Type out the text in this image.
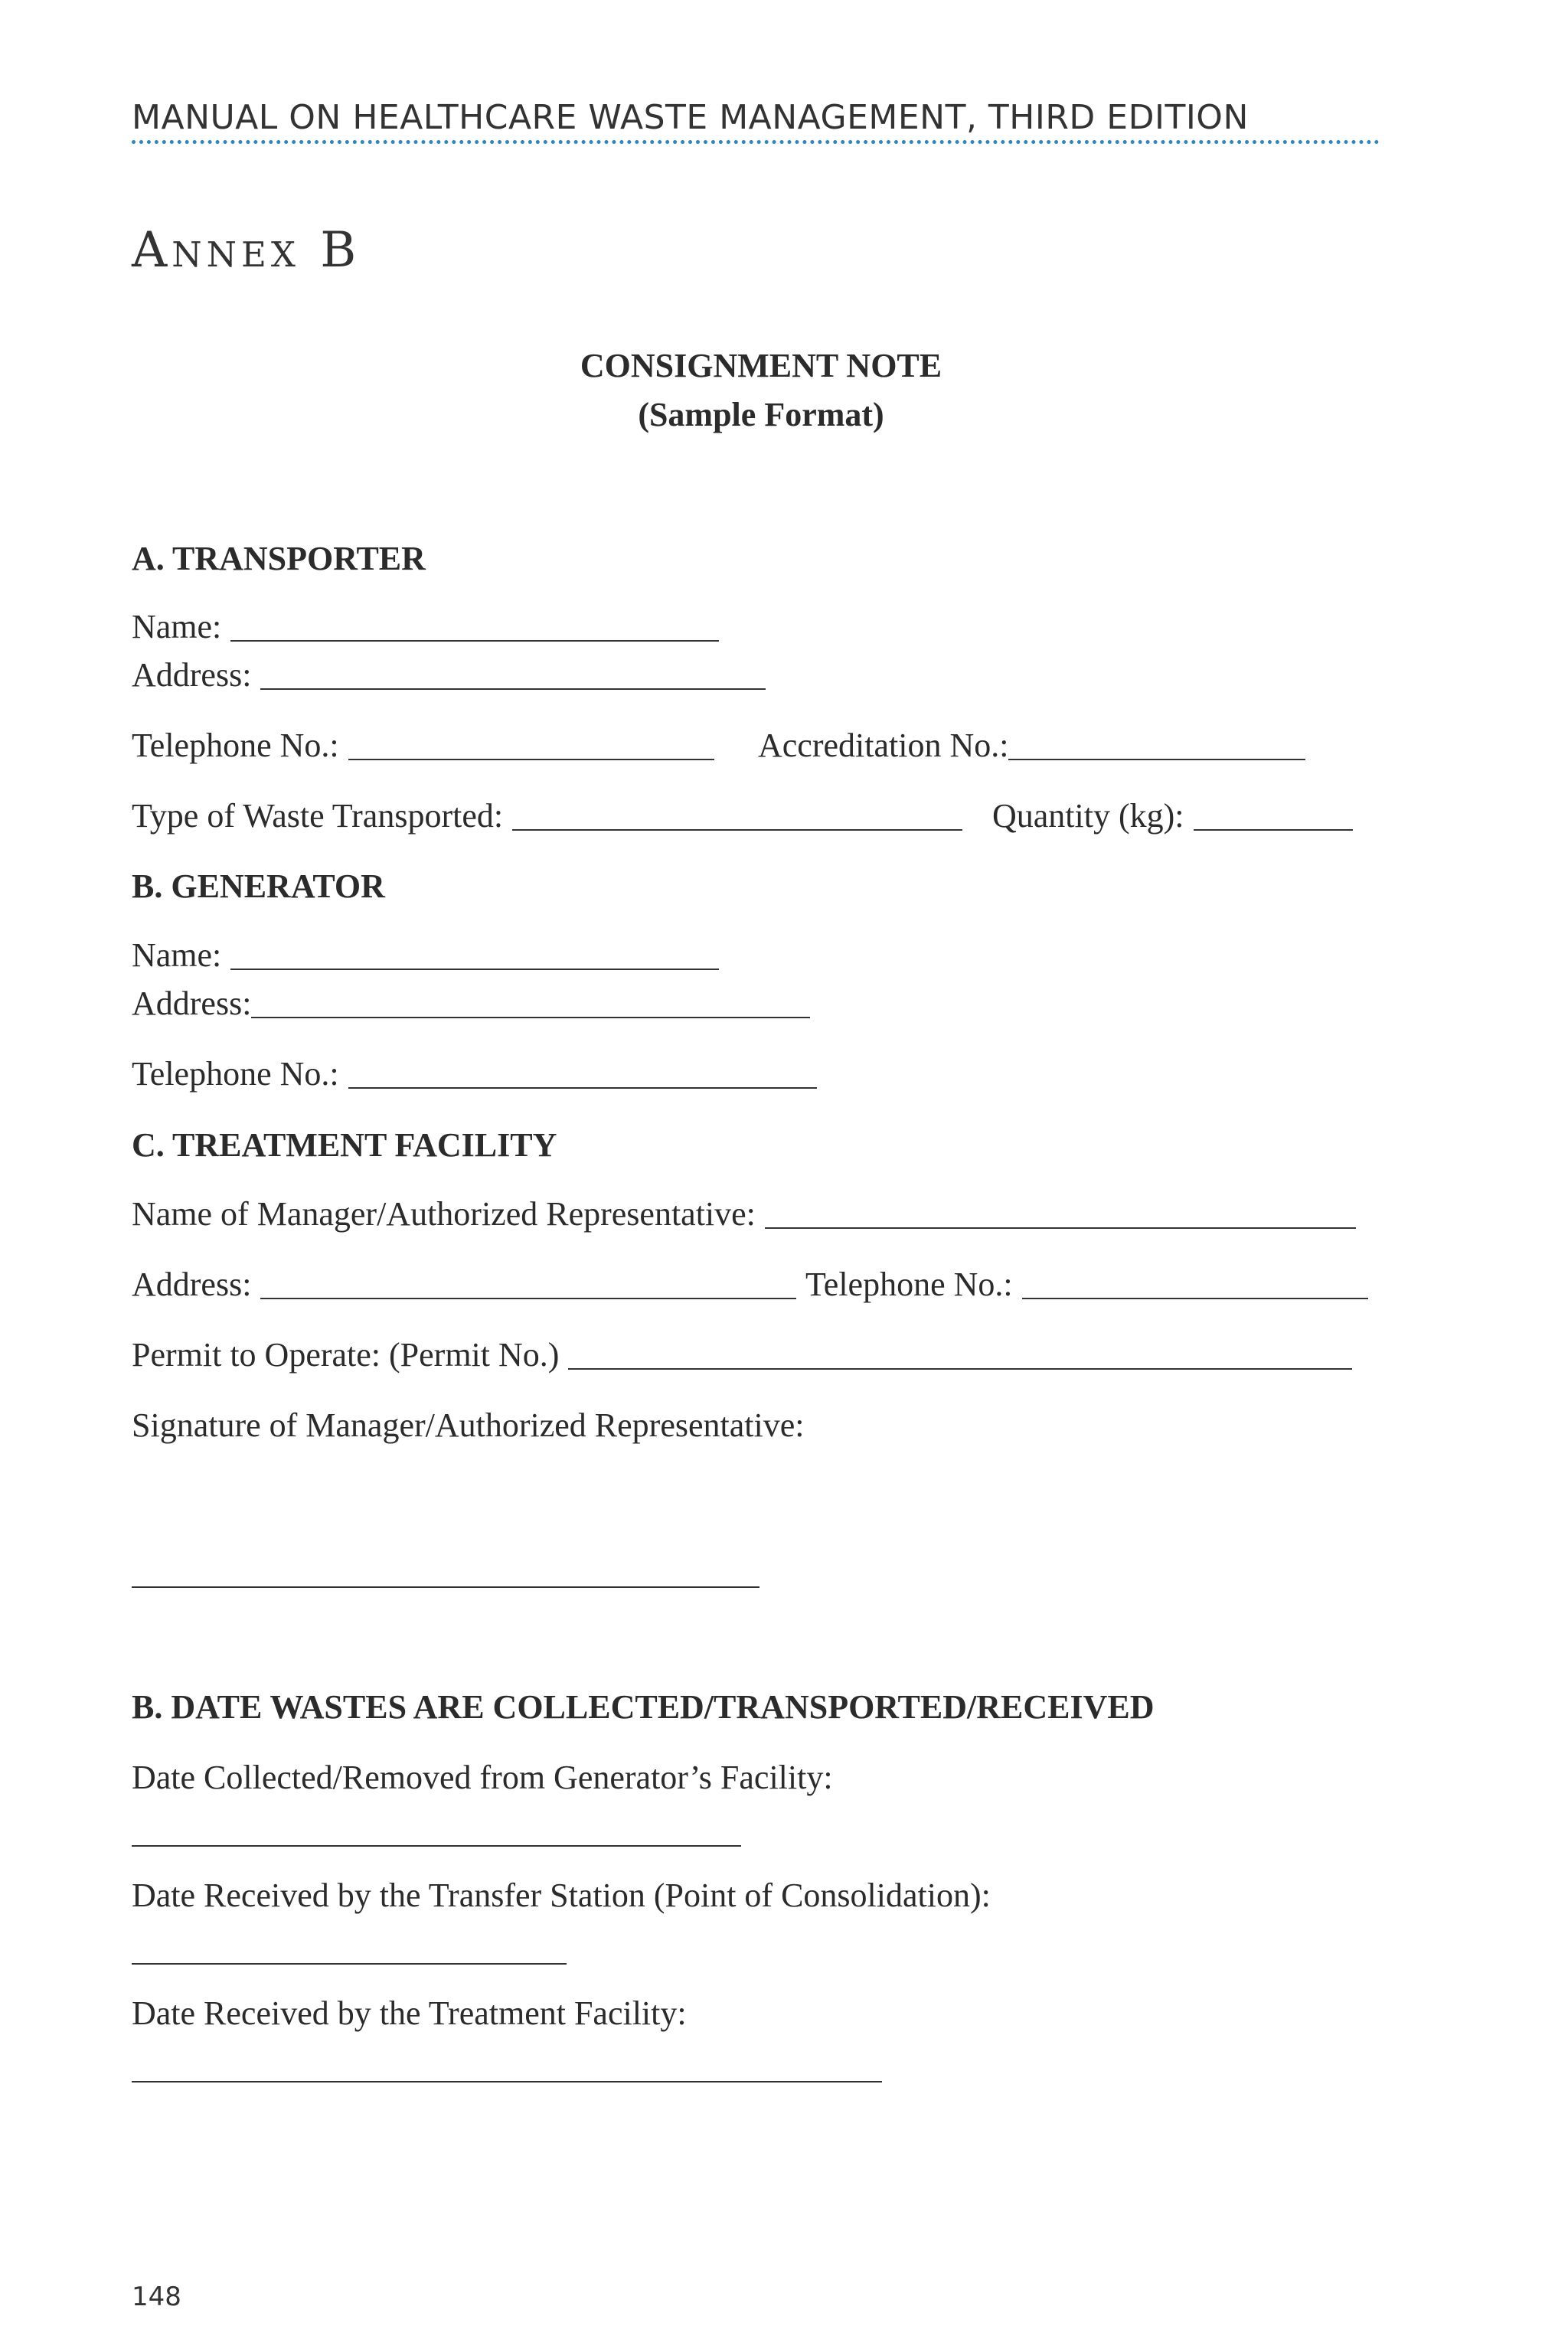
MANUAL ON HEALTHCARE WASTE MANAGEMENT, THIRD EDITION
Annex B
CONSIGNMENT NOTE
(Sample Format)
A. TRANSPORTER
Name:
Address:
Telephone No.:	Accreditation No.:
Type of Waste Transported:	Quantity (kg):
B. GENERATOR
Name:
Address:
Telephone No.:
C. TREATMENT FACILITY
Name of Manager/Authorized Representative:
Address:	Telephone No.:
Permit to Operate: (Permit No.)
Signature of Manager/Authorized Representative:
B. DATE WASTES ARE COLLECTED/TRANSPORTED/RECEIVED
Date Collected/Removed from Generator’s Facility:
Date Received by the Transfer Station (Point of Consolidation):
Date Received by the Treatment Facility:
148
